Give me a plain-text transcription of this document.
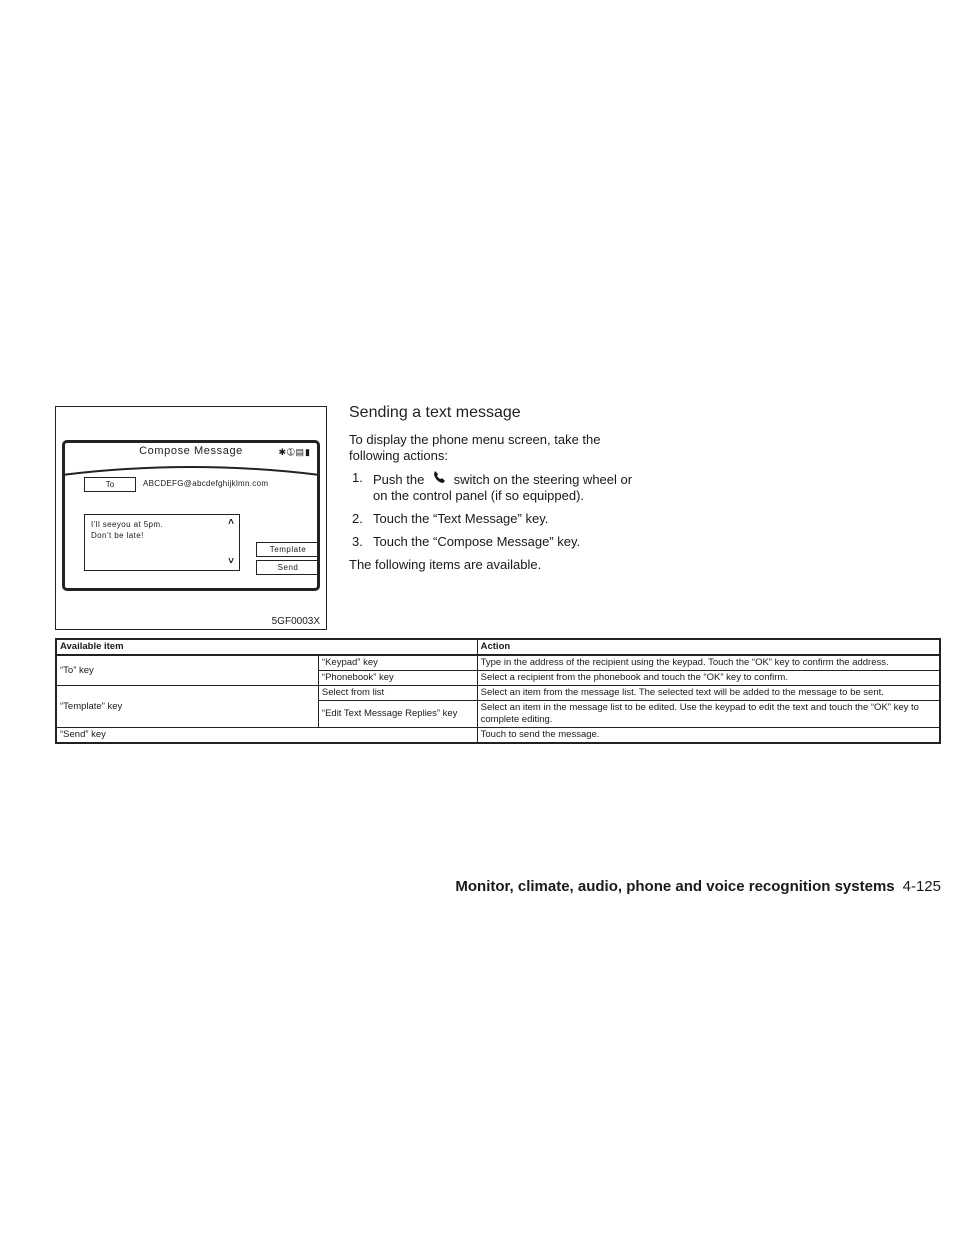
Compose Message	✱➀▤▮
To	ABCDEFG@abcdefghijklmn.com
I’ll seeyou at 5pm.
Don’t be late!
˄
˅
Template
Send
5GF0003X
Sending a text message

To display the phone menu screen, take the following actions:

1. Push the switch on the steering wheel or on the control panel (if so equipped).
2. Touch the “Text Message” key.
3. Touch the “Compose Message” key.

The following items are available.

Available item		Action
“To” key	“Keypad” key	Type in the address of the recipient using the keypad. Touch the “OK” key to confirm the address.
	“Phonebook” key	Select a recipient from the phonebook and touch the “OK” key to confirm.
“Template” key	Select from list	Select an item from the message list. The selected text will be added to the message to be sent.
	“Edit Text Message Replies” key	Select an item in the message list to be edited. Use the keypad to edit the text and touch the “OK” key to complete editing.
“Send” key		Touch to send the message.
Monitor, climate, audio, phone and voice recognition systems 4-125
